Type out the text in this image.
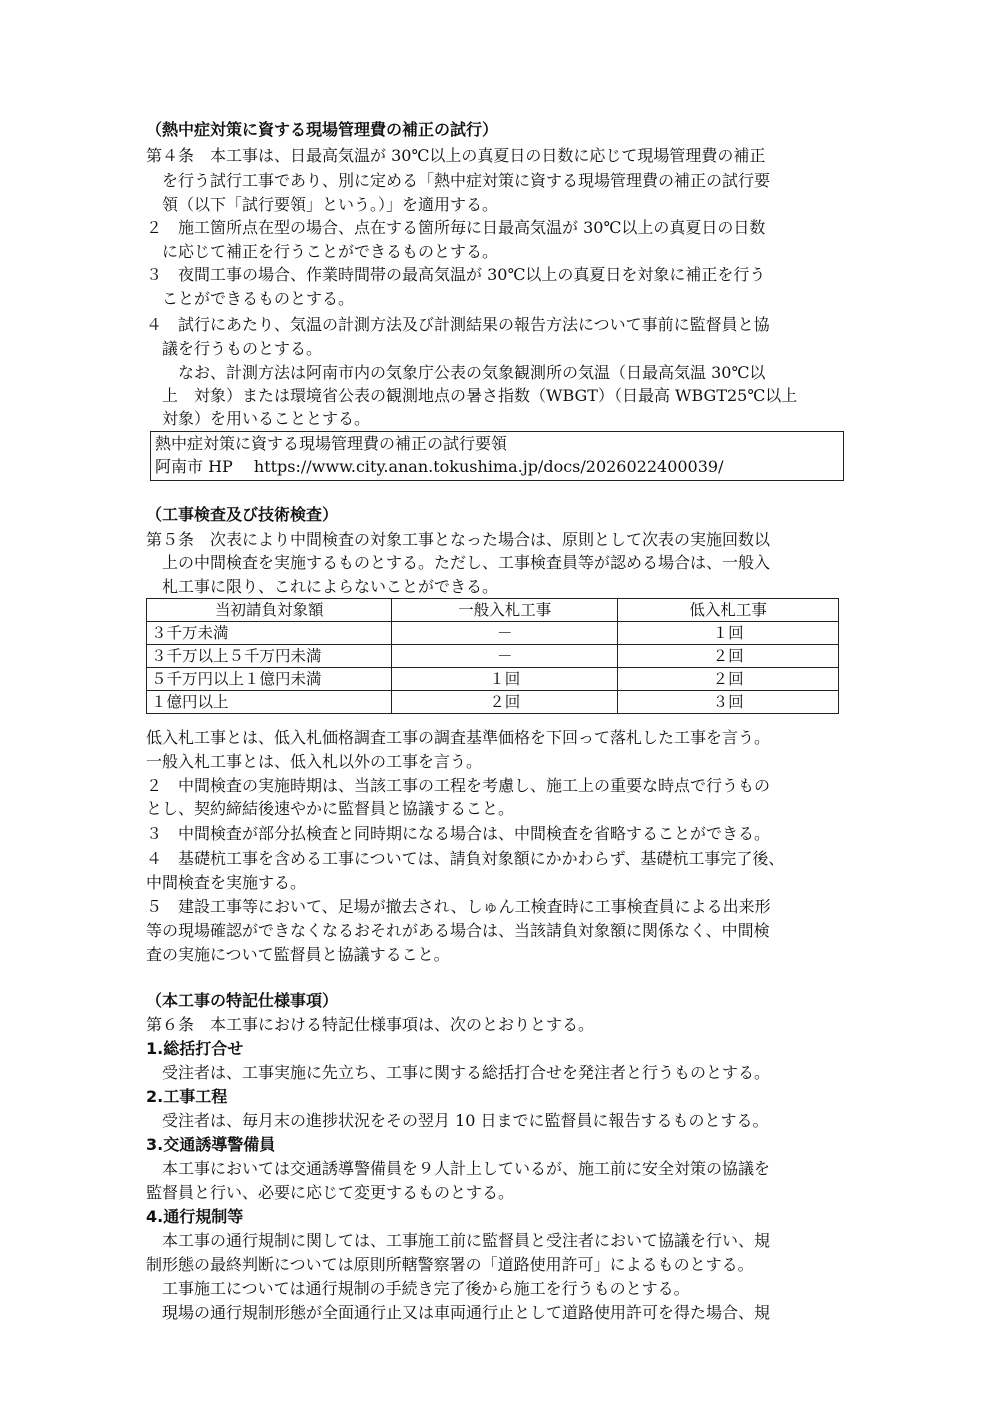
（熱中症対策に資する現場管理費の補正の試行）
第４条　本工事は、日最高気温が 30℃以上の真夏日の日数に応じて現場管理費の補正
　を行う試行工事であり、別に定める「熱中症対策に資する現場管理費の補正の試行要
　領（以下「試行要領」という。）」を適用する。
２　施工箇所点在型の場合、点在する箇所毎に日最高気温が 30℃以上の真夏日の日数
　に応じて補正を行うことができるものとする。
３　夜間工事の場合、作業時間帯の最高気温が 30℃以上の真夏日を対象に補正を行う
　ことができるものとする。
４　試行にあたり、気温の計測方法及び計測結果の報告方法について事前に監督員と協
　議を行うものとする。
　　なお、計測方法は阿南市内の気象庁公表の気象観測所の気温（日最高気温 30℃以
　上　対象）または環境省公表の観測地点の暑さ指数（WBGT）（日最高 WBGT25℃以上
　対象）を用いることとする。
熱中症対策に資する現場管理費の補正の試行要領
阿南市 HP　 https://www.city.anan.tokushima.jp/docs/2026022400039/
（工事検査及び技術検査）
第５条　次表により中間検査の対象工事となった場合は、原則として次表の実施回数以
　上の中間検査を実施するものとする。ただし、工事検査員等が認める場合は、一般入
　札工事に限り、これによらないことができる。
当初請負対象額	一般入札工事	低入札工事
３千万未満	－	１回
３千万以上５千万円未満	－	２回
５千万円以上１億円未満	１回	２回
１億円以上	２回	３回
低入札工事とは、低入札価格調査工事の調査基準価格を下回って落札した工事を言う。
一般入札工事とは、低入札以外の工事を言う。
２　中間検査の実施時期は、当該工事の工程を考慮し、施工上の重要な時点で行うもの
とし、契約締結後速やかに監督員と協議すること。
３　中間検査が部分払検査と同時期になる場合は、中間検査を省略することができる。
４　基礎杭工事を含める工事については、請負対象額にかかわらず、基礎杭工事完了後、
中間検査を実施する。
５　建設工事等において、足場が撤去され、しゅん工検査時に工事検査員による出来形
等の現場確認ができなくなるおそれがある場合は、当該請負対象額に関係なく、中間検
査の実施について監督員と協議すること。
（本工事の特記仕様事項）
第６条　本工事における特記仕様事項は、次のとおりとする。
1.総括打合せ
　受注者は、工事実施に先立ち、工事に関する総括打合せを発注者と行うものとする。
2.工事工程
　受注者は、毎月末の進捗状況をその翌月 10 日までに監督員に報告するものとする。
3.交通誘導警備員
　本工事においては交通誘導警備員を９人計上しているが、施工前に安全対策の協議を
監督員と行い、必要に応じて変更するものとする。
4.通行規制等
　本工事の通行規制に関しては、工事施工前に監督員と受注者において協議を行い、規
制形態の最終判断については原則所轄警察署の「道路使用許可」によるものとする。
　工事施工については通行規制の手続き完了後から施工を行うものとする。
　現場の通行規制形態が全面通行止又は車両通行止として道路使用許可を得た場合、規
